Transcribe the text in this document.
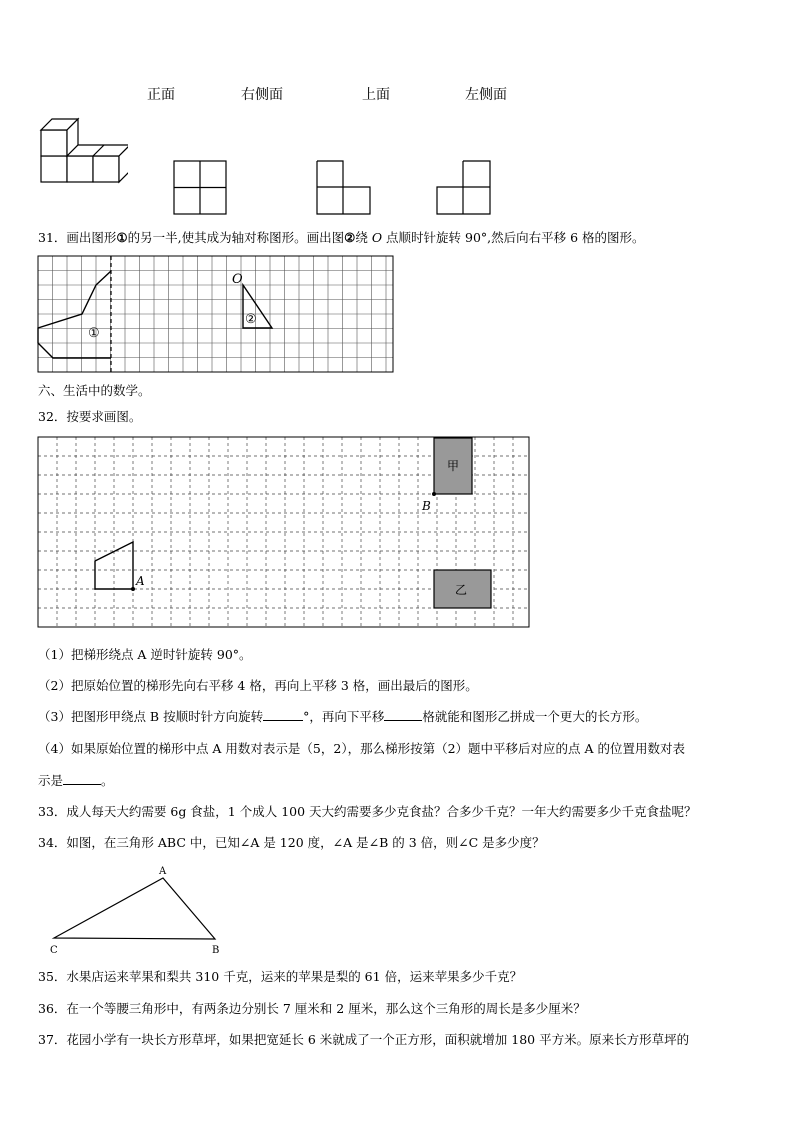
正面	右侧面	上面	左侧面
31．画出图形①的另一半,使其成为轴对称图形。画出图②绕 O 点顺时针旋转 90°,然后向右平移 6 格的图形。
①
O
②
六、生活中的数学。
32．按要求画图。
甲
B
乙
A
（1）把梯形绕点 A 逆时针旋转 90°。
（2）把原始位置的梯形先向右平移 4 格，再向上平移 3 格，画出最后的图形。
（3）把图形甲绕点 B 按顺时针方向旋转	°，再向下平移	格就能和图形乙拼成一个更大的长方形。
（4）如果原始位置的梯形中点 A 用数对表示是（5，2），那么梯形按第（2）题中平移后对应的点 A 的位置用数对表
示是	。
33．成人每天大约需要 6g 食盐，1 个成人 100 天大约需要多少克食盐？合多少千克？一年大约需要多少千克食盐呢？
34．如图，在三角形 ABC 中，已知∠A 是 120 度，∠A 是∠B 的 3 倍，则∠C 是多少度？
A
B
C
35．水果店运来苹果和梨共 310 千克，运来的苹果是梨的 61 倍，运来苹果多少千克？
36．在一个等腰三角形中，有两条边分别长 7 厘米和 2 厘米，那么这个三角形的周长是多少厘米？
37．花园小学有一块长方形草坪，如果把宽延长 6 米就成了一个正方形，面积就增加 180 平方米。原来长方形草坪的
